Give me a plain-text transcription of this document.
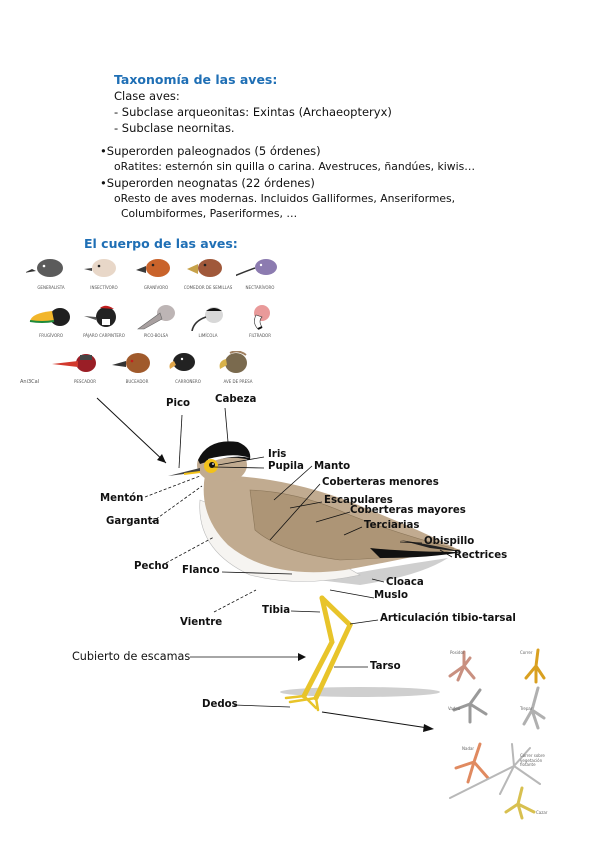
Taxonomía de las aves:
Clase aves:
- Subclase arqueonitas: Exintas (Archaeopteryx)
- Subclase neornitas.
•Superorden paleognados (5 órdenes)
oRatites: esternón sin quilla o carina. Avestruces, ñandúes, kiwis…
•Superorden neognatas (22 órdenes)
oResto de aves modernas. Incluidos Galliformes, Anseriformes,
Columbiformes, Paseriformes, …
El cuerpo de las aves:
GENERALISTA	INSECTÍVORO	GRANÍVORO	COMEDOR DE SEMILLAS	NECTARÍVORO
FRUGÍVORO	PÁJARO CARPINTERO	PICO-BOLSA	LIMÍCOLA	FILTRADOR
PESCADOR	BUCEADOR	CARROÑERO	AVE DE PRESA
Ani3Cal
Pico Cabeza
Iris
Pupila Manto
Coberteras menores
Escapulares
Coberteras mayores
Terciarias
Obispillo
Rectrices
Mentón
Garganta
Pecho Flanco
Cloaca
Muslo
Tibia
Articulación tibio-tarsal
Vientre
Cubierto de escamas
Tarso
Dedos
Posidor	Correr
Vadeo	Trepar
Nadar
Correr sobre vegetación flotante
Cazar
